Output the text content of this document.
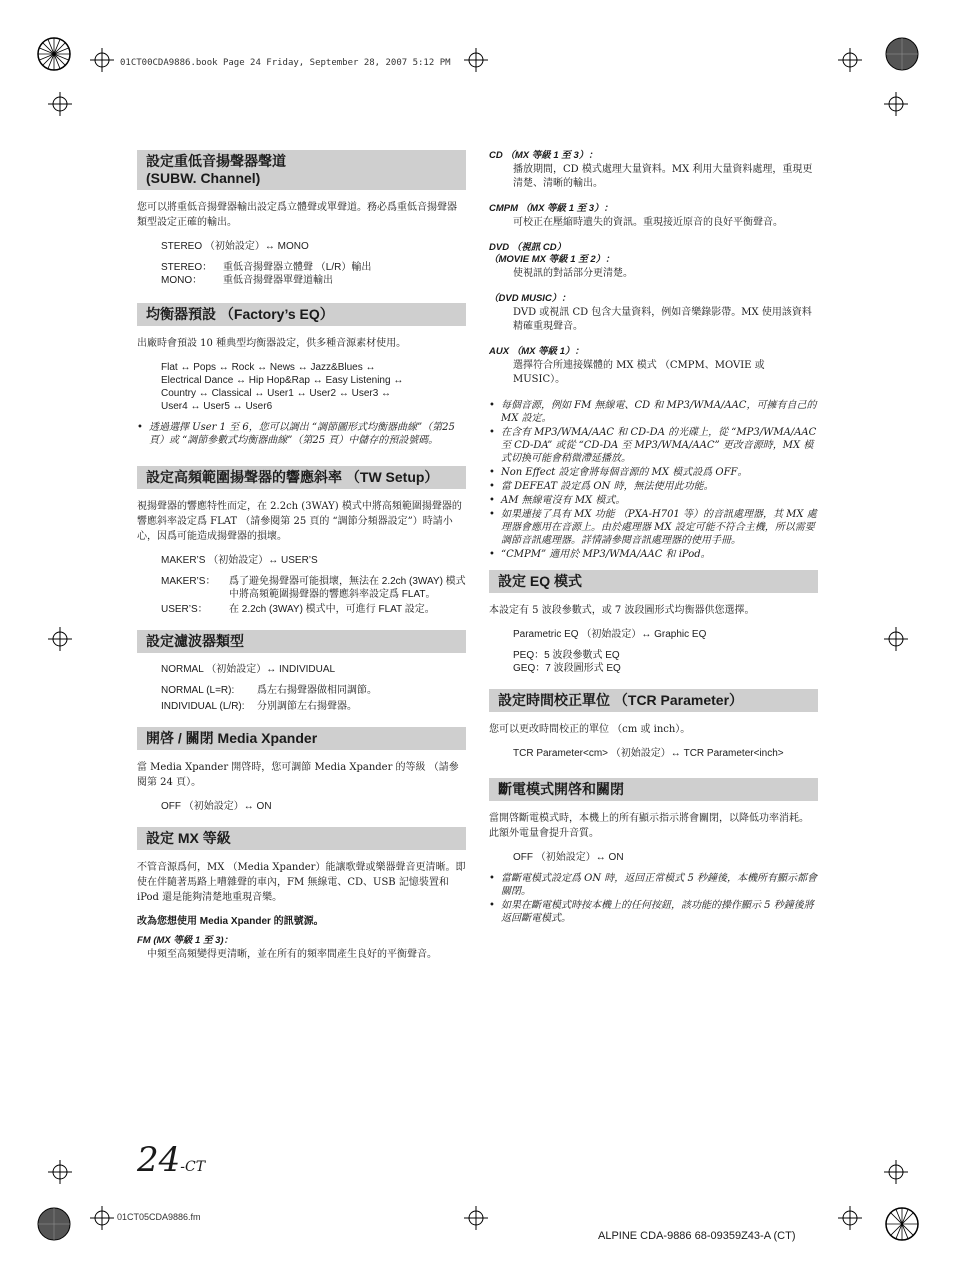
01CT00CDA9886.book Page 24 Friday, September 28, 2007 5:12 PM
設定重低音揚聲器聲道
(SUBW. Channel)

您可以將重低音揚聲器輸出設定爲立體聲或單聲道。務必爲重低音揚聲器類型設定正確的輸出。

STEREO （初始設定）↔ MONO
STEREO：	重低音揚聲器立體聲 （L/R）輸出
MONO：	重低音揚聲器單聲道輸出
均衡器預設 （Factory’s EQ）

出廠時會預設 10 種典型均衡器設定，供多種音源素材使用。

Flat ↔ Pops ↔ Rock ↔ News ↔ Jazz&Blues ↔
Electrical Dance ↔ Hip Hop&Rap ↔ Easy Listening ↔
Country ↔ Classical ↔ User1 ↔ User2 ↔ User3 ↔
User4 ↔ User5 ↔ User6
• 透過選擇 User 1 至 6，您可以調出 “調節圖形式均衡器曲線”（第25 頁）或 “調節參數式均衡器曲線”（第25 頁）中儲存的預設號碼。
設定高頻範圍揚聲器的響應斜率 （TW Setup）

視揚聲器的響應特性而定，在 2.2ch (3WAY) 模式中將高頻範圍揚聲器的響應斜率設定爲 FLAT （請參閱第 25 頁的 “調節分頻器設定”）時請小心，因爲可能造成揚聲器的損壞。

MAKER’S （初始設定）↔ USER’S
MAKER’S：	爲了避免揚聲器可能損壞，無法在 2.2ch (3WAY) 模式中將高頻範圍揚聲器的響應斜率設定爲 FLAT。
USER’S：	在 2.2ch (3WAY) 模式中，可進行 FLAT 設定。
設定濾波器類型
NORMAL （初始設定）↔ INDIVIDUAL
NORMAL (L=R):	爲左右揚聲器做相同調節。
INDIVIDUAL (L/R):	分別調節左右揚聲器。
開啓 / 關閉 Media Xpander

當 Media Xpander 開啓時，您可調節 Media Xpander 的等級 （請參閱第 24 頁）。

OFF （初始設定）↔ ON
設定 MX 等級

不管音源爲何，MX （Media Xpander）能讓歌聲或樂器聲音更清晰。即使在伴隨著馬路上嘈雜聲的車內，FM 無線電、CD、USB 記憶裝置和 iPod 還是能夠清楚地重現音樂。

改為您想使用 Media Xpander 的訊號源。
FM (MX 等級 1 至 3)：
中頻至高頻變得更清晰，並在所有的頻率間產生良好的平衡聲音。
CD （MX 等級 1 至 3）：
播放期間，CD 模式處理大量資料。MX 利用大量資料處理，重現更清楚、清晰的輸出。
CMPM （MX 等級 1 至 3）：
可校正在壓縮時遺失的資訊。重現接近原音的良好平衡聲音。
DVD （視訊 CD）
（MOVIE MX 等級 1 至 2）：
使視訊的對話部分更清楚。
（DVD MUSIC）：
DVD 或視訊 CD 包含大量資料，例如音樂錄影帶。MX 使用該資料精確重現聲音。
AUX （MX 等級 1）：
選擇符合所連接媒體的 MX 模式 （CMPM、MOVIE 或 MUSIC）。
• 每個音源，例如 FM 無線電、CD 和 MP3/WMA/AAC，可擁有自己的 MX 設定。
• 在含有 MP3/WMA/AAC 和 CD-DA 的光碟上，從 “MP3/WMA/AAC 至 CD-DA” 或從 “CD-DA 至 MP3/WMA/AAC” 更改音源時，MX 模式切換可能會稍微滯延播放。
• Non Effect 設定會將每個音源的 MX 模式設爲 OFF。
• 當 DEFEAT 設定爲 ON 時，無法使用此功能。
• AM 無線電沒有 MX 模式。
• 如果連接了具有 MX 功能 （PXA-H701 等）的音訊處理器，其 MX 處理器會應用在音源上。由於處理器 MX 設定可能不符合主機，所以需要調節音訊處理器。詳情請參閱音訊處理器的使用手冊。
• “CMPM” 適用於 MP3/WMA/AAC 和 iPod。
設定 EQ 模式

本設定有 5 波段參數式，或 7 波段圖形式均衡器供您選擇。

Parametric EQ （初始設定）↔ Graphic EQ
PEQ： 5 波段參數式 EQ
GEQ： 7 波段圖形式 EQ
設定時間校正單位 （TCR Parameter）

您可以更改時間校正的單位 （cm 或 inch）。

TCR Parameter<cm> （初始設定）↔ TCR Parameter<inch>
斷電模式開啓和關閉

當開啓斷電模式時，本機上的所有顯示指示將會關閉，以降低功率消耗。此額外電量會提升音質。

OFF （初始設定）↔ ON
• 當斷電模式設定爲 ON 時，返回正常模式 5 秒鐘後，本機所有顯示都會關閉。
• 如果在斷電模式時按本機上的任何按鈕，該功能的操作顯示 5 秒鐘後將返回斷電模式。
24-CT
01CT05CDA9886.fm
ALPINE CDA-9886 68-09359Z43-A (CT)
